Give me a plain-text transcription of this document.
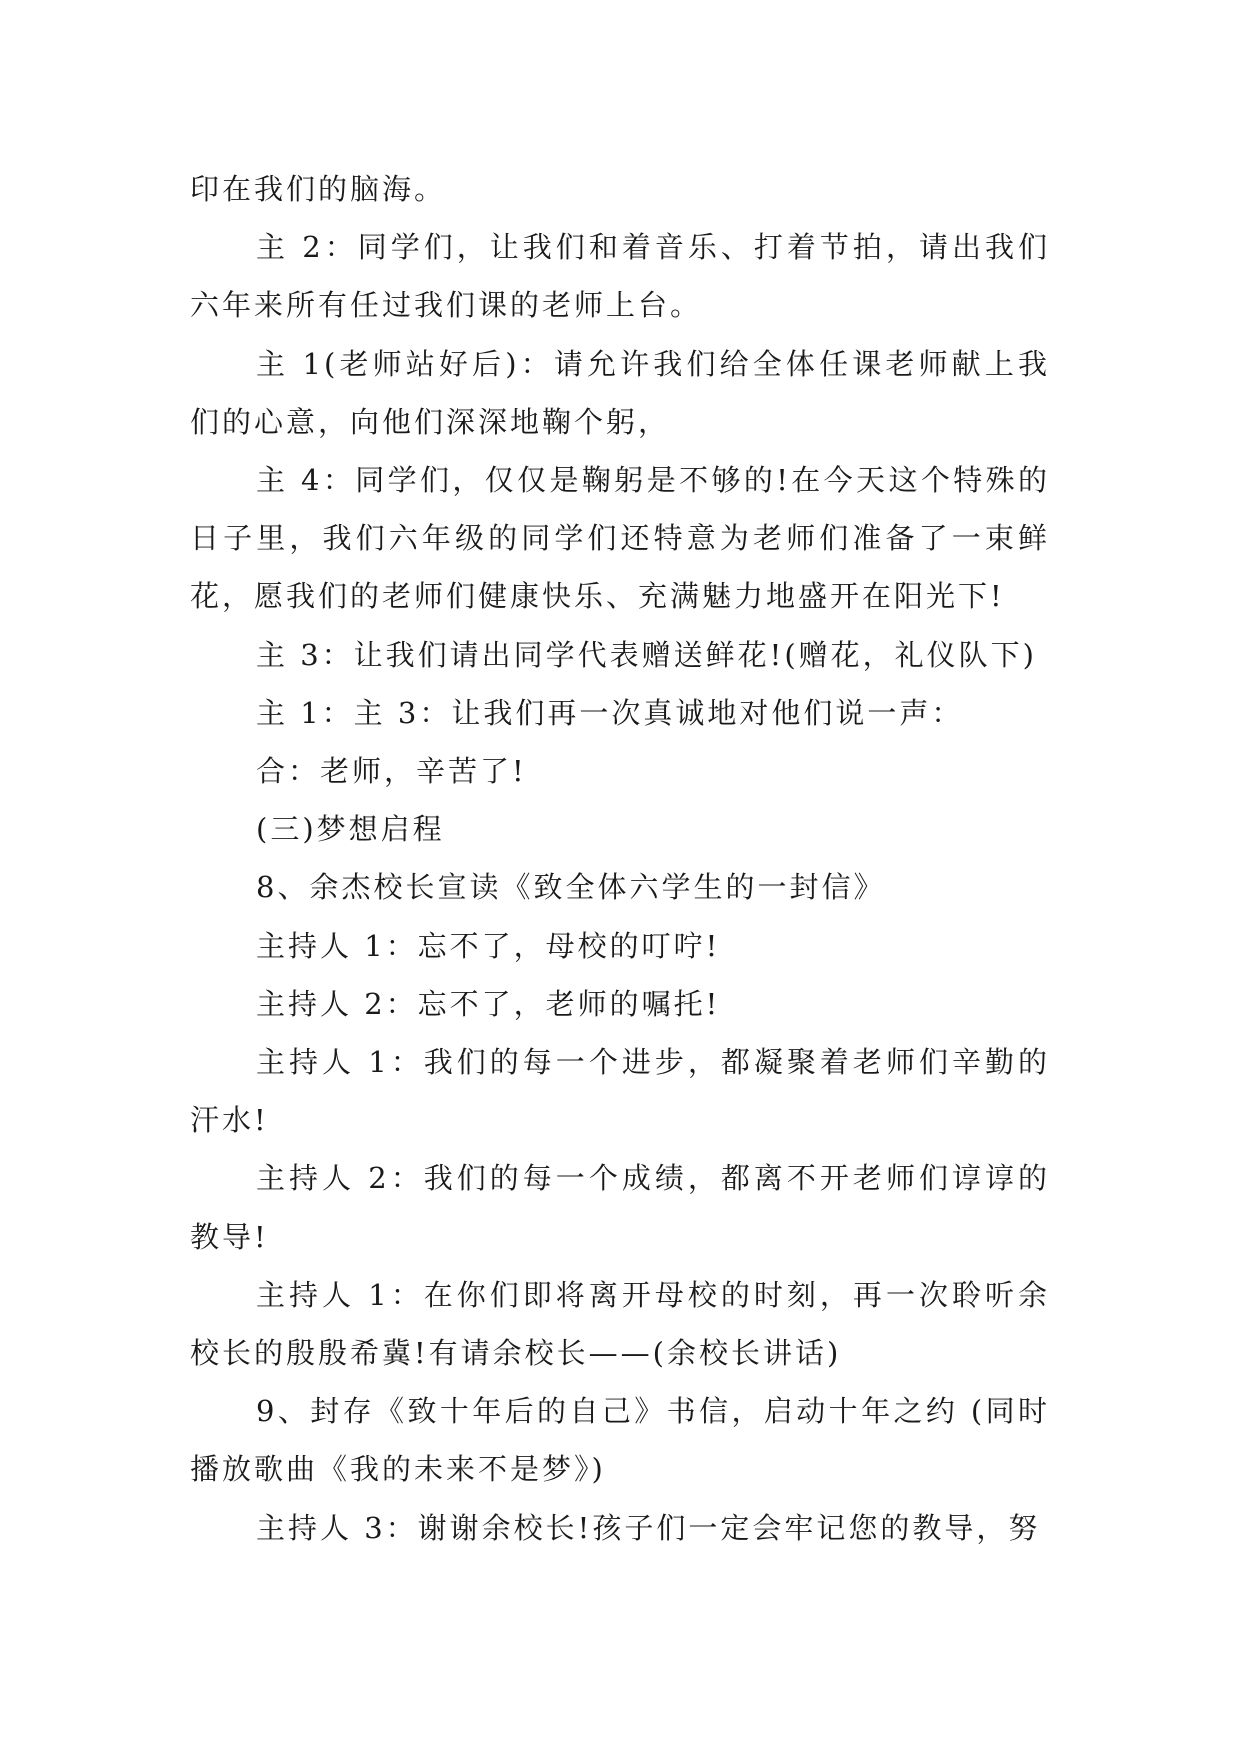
印在我们的脑海。

主 2：同学们，让我们和着音乐、打着节拍，请出我们六年来所有任过我们课的老师上台。

主 1(老师站好后)：请允许我们给全体任课老师献上我们的心意，向他们深深地鞠个躬，

主 4：同学们，仅仅是鞠躬是不够的!在今天这个特殊的日子里，我们六年级的同学们还特意为老师们准备了一束鲜花，愿我们的老师们健康快乐、充满魅力地盛开在阳光下!

主 3：让我们请出同学代表赠送鲜花!(赠花，礼仪队下)

主 1：主 3：让我们再一次真诚地对他们说一声：

合：老师，辛苦了!

(三)梦想启程

8、余杰校长宣读《致全体六学生的一封信》

主持人 1：忘不了，母校的叮咛!

主持人 2：忘不了，老师的嘱托!

主持人 1：我们的每一个进步，都凝聚着老师们辛勤的汗水!

主持人 2：我们的每一个成绩，都离不开老师们谆谆的教导!

主持人 1：在你们即将离开母校的时刻，再一次聆听余校长的殷殷希冀!有请余校长——(余校长讲话)

9、封存《致十年后的自己》书信，启动十年之约 (同时播放歌曲《我的未来不是梦》)

主持人 3：谢谢余校长!孩子们一定会牢记您的教导，努
